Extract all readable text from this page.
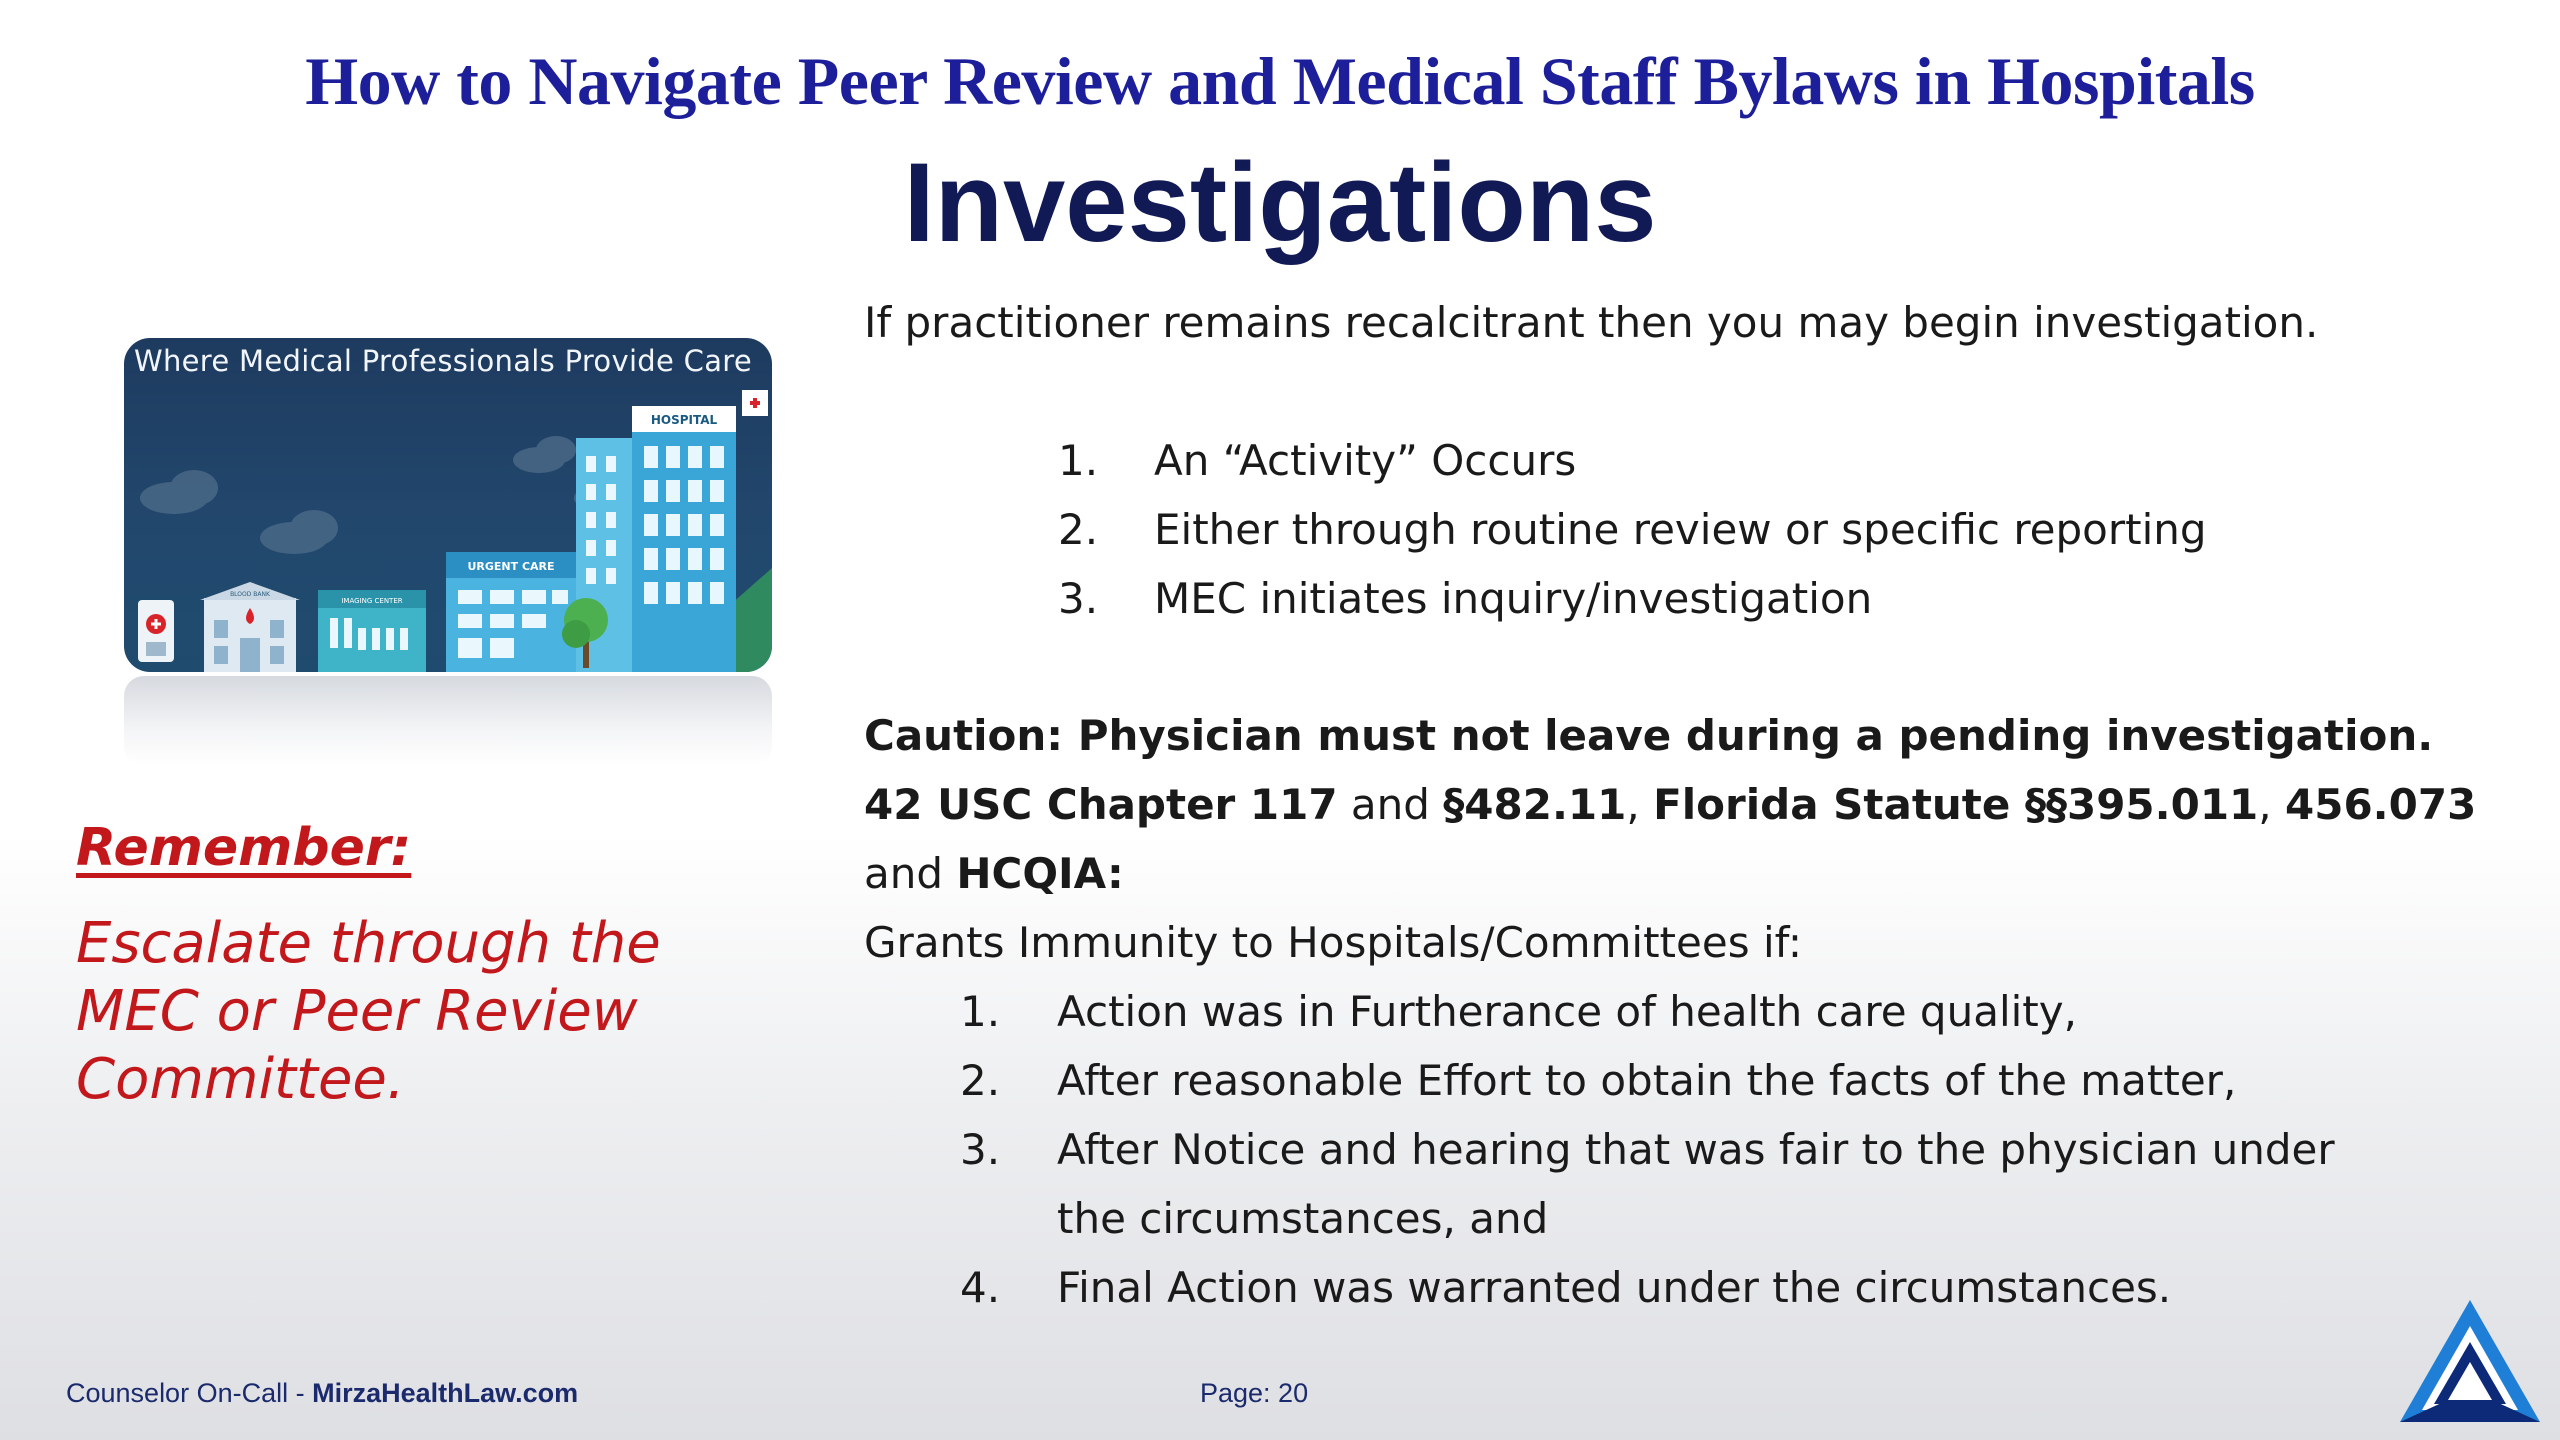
How to Navigate Peer Review and Medical Staff Bylaws in Hospitals
Investigations
HOSPITAL
URGENT CARE
IMAGING CENTER
BLOOD BANK
Where Medical Professionals Provide Care
Remember:
Escalate through the MEC or Peer Review Committee.
If practitioner remains recalcitrant then you may begin investigation.
1. An “Activity” Occurs
2. Either through routine review or specific reporting
3. MEC initiates inquiry/investigation
Caution: Physician must not leave during a pending investigation.
42 USC Chapter 117 and §482.11, Florida Statute §§395.011, 456.073
and HCQIA:
Grants Immunity to Hospitals/Committees if:
1. Action was in Furtherance of health care quality,
2. After reasonable Effort to obtain the facts of the matter,
3. After Notice and hearing that was fair to the physician under
the circumstances, and
4. Final Action was warranted under the circumstances.
Counselor On-Call - MirzaHealthLaw.com	Page: 20
